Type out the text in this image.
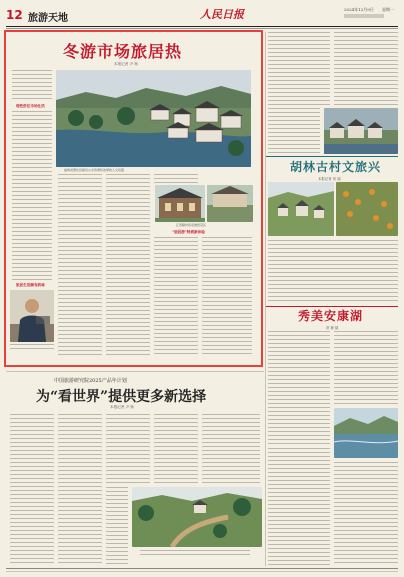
12 旅游天地	人民日报	2024年12月9日 星期一
冬游市场旅居热
本报记者 尹 杨
理性侨住市场仕活
福建省德化县拥有山水资源和浓厚的人文底蕴
江西赣州客家旅居景区
“旅居游”特质新体验
旅居生活颇有韵味
胡林古村文旅兴
本报记者 刘 丽
秀美安康湖
常 敏 阅
中国旅游研究院2025产品年计划
为“看世界”提供更多新选择
本报记者 尹 杨
